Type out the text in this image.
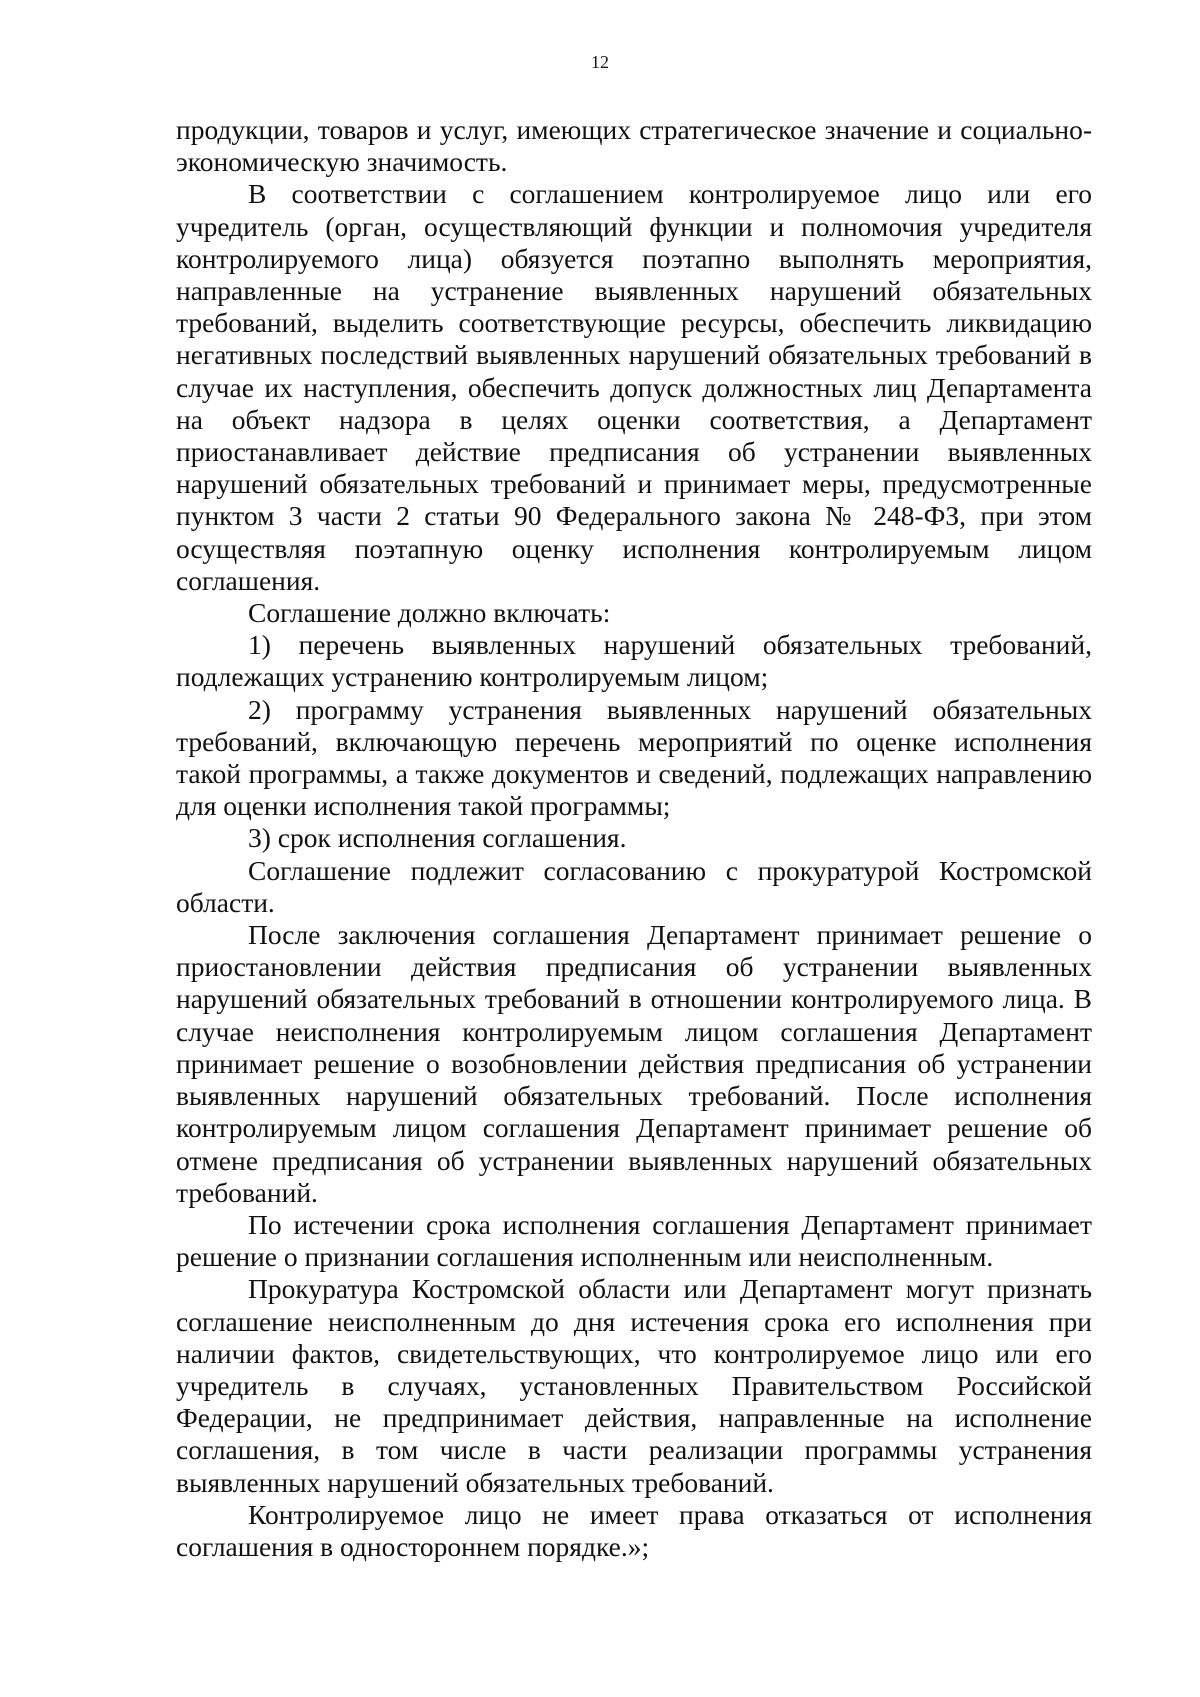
12

продукции, товаров и услуг, имеющих стратегическое значение и социально-экономическую значимость.

В соответствии с соглашением контролируемое лицо или его учредитель (орган, осуществляющий функции и полномочия учредителя контролируемого лица) обязуется поэтапно выполнять мероприятия, направленные на устранение выявленных нарушений обязательных требований, выделить соответствующие ресурсы, обеспечить ликвидацию негативных последствий выявленных нарушений обязательных требований в случае их наступления, обеспечить допуск должностных лиц Департамента на объект надзора в целях оценки соответствия, а Департамент приостанавливает действие предписания об устранении выявленных нарушений обязательных требований и принимает меры, предусмотренные пунктом 3 части 2 статьи 90 Федерального закона № 248-ФЗ, при этом осуществляя поэтапную оценку исполнения контролируемым лицом соглашения.

Соглашение должно включать:

1) перечень выявленных нарушений обязательных требований, подлежащих устранению контролируемым лицом;

2) программу устранения выявленных нарушений обязательных требований, включающую перечень мероприятий по оценке исполнения такой программы, а также документов и сведений, подлежащих направлению для оценки исполнения такой программы;

3) срок исполнения соглашения.

Соглашение подлежит согласованию с прокуратурой Костромской области.

После заключения соглашения Департамент принимает решение о приостановлении действия предписания об устранении выявленных нарушений обязательных требований в отношении контролируемого лица. В случае неисполнения контролируемым лицом соглашения Департамент принимает решение о возобновлении действия предписания об устранении выявленных нарушений обязательных требований. После исполнения контролируемым лицом соглашения Департамент принимает решение об отмене предписания об устранении выявленных нарушений обязательных требований.

По истечении срока исполнения соглашения Департамент принимает решение о признании соглашения исполненным или неисполненным.

Прокуратура Костромской области или Департамент могут признать соглашение неисполненным до дня истечения срока его исполнения при наличии фактов, свидетельствующих, что контролируемое лицо или его учредитель в случаях, установленных Правительством Российской Федерации, не предпринимает действия, направленные на исполнение соглашения, в том числе в части реализации программы устранения выявленных нарушений обязательных требований.

Контролируемое лицо не имеет права отказаться от исполнения соглашения в одностороннем порядке.»;
